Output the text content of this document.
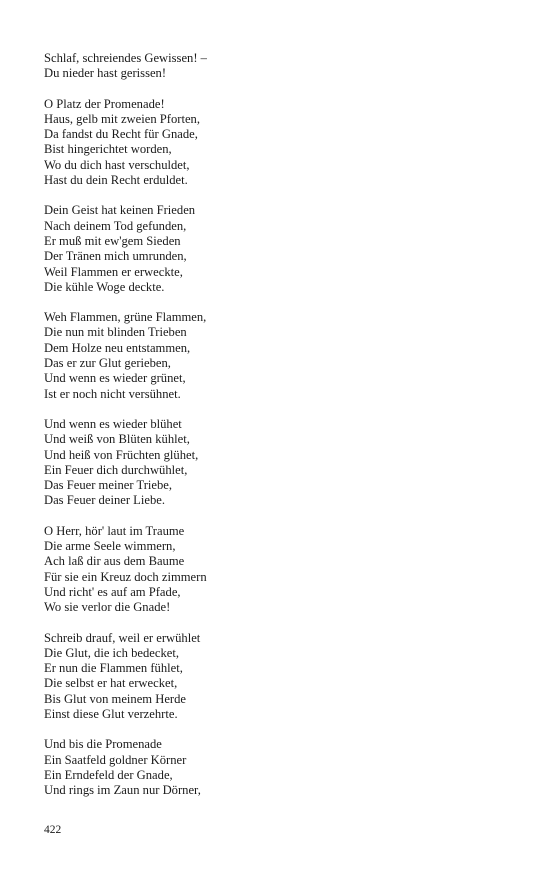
Schlaf, schreiendes Gewissen! –
Du nieder hast gerissen!
O Platz der Promenade!
Haus, gelb mit zweien Pforten,
Da fandst du Recht für Gnade,
Bist hingerichtet worden,
Wo du dich hast verschuldet,
Hast du dein Recht erduldet.
Dein Geist hat keinen Frieden
Nach deinem Tod gefunden,
Er muß mit ew'gem Sieden
Der Tränen mich umrunden,
Weil Flammen er erweckte,
Die kühle Woge deckte.
Weh Flammen, grüne Flammen,
Die nun mit blinden Trieben
Dem Holze neu entstammen,
Das er zur Glut gerieben,
Und wenn es wieder grünet,
Ist er noch nicht versühnet.
Und wenn es wieder blühet
Und weiß von Blüten kühlet,
Und heiß von Früchten glühet,
Ein Feuer dich durchwühlet,
Das Feuer meiner Triebe,
Das Feuer deiner Liebe.
O Herr, hör' laut im Traume
Die arme Seele wimmern,
Ach laß dir aus dem Baume
Für sie ein Kreuz doch zimmern
Und richt' es auf am Pfade,
Wo sie verlor die Gnade!
Schreib drauf, weil er erwühlet
Die Glut, die ich bedecket,
Er nun die Flammen fühlet,
Die selbst er hat erwecket,
Bis Glut von meinem Herde
Einst diese Glut verzehrte.
Und bis die Promenade
Ein Saatfeld goldner Körner
Ein Erndefeld der Gnade,
Und rings im Zaun nur Dörner,
422
